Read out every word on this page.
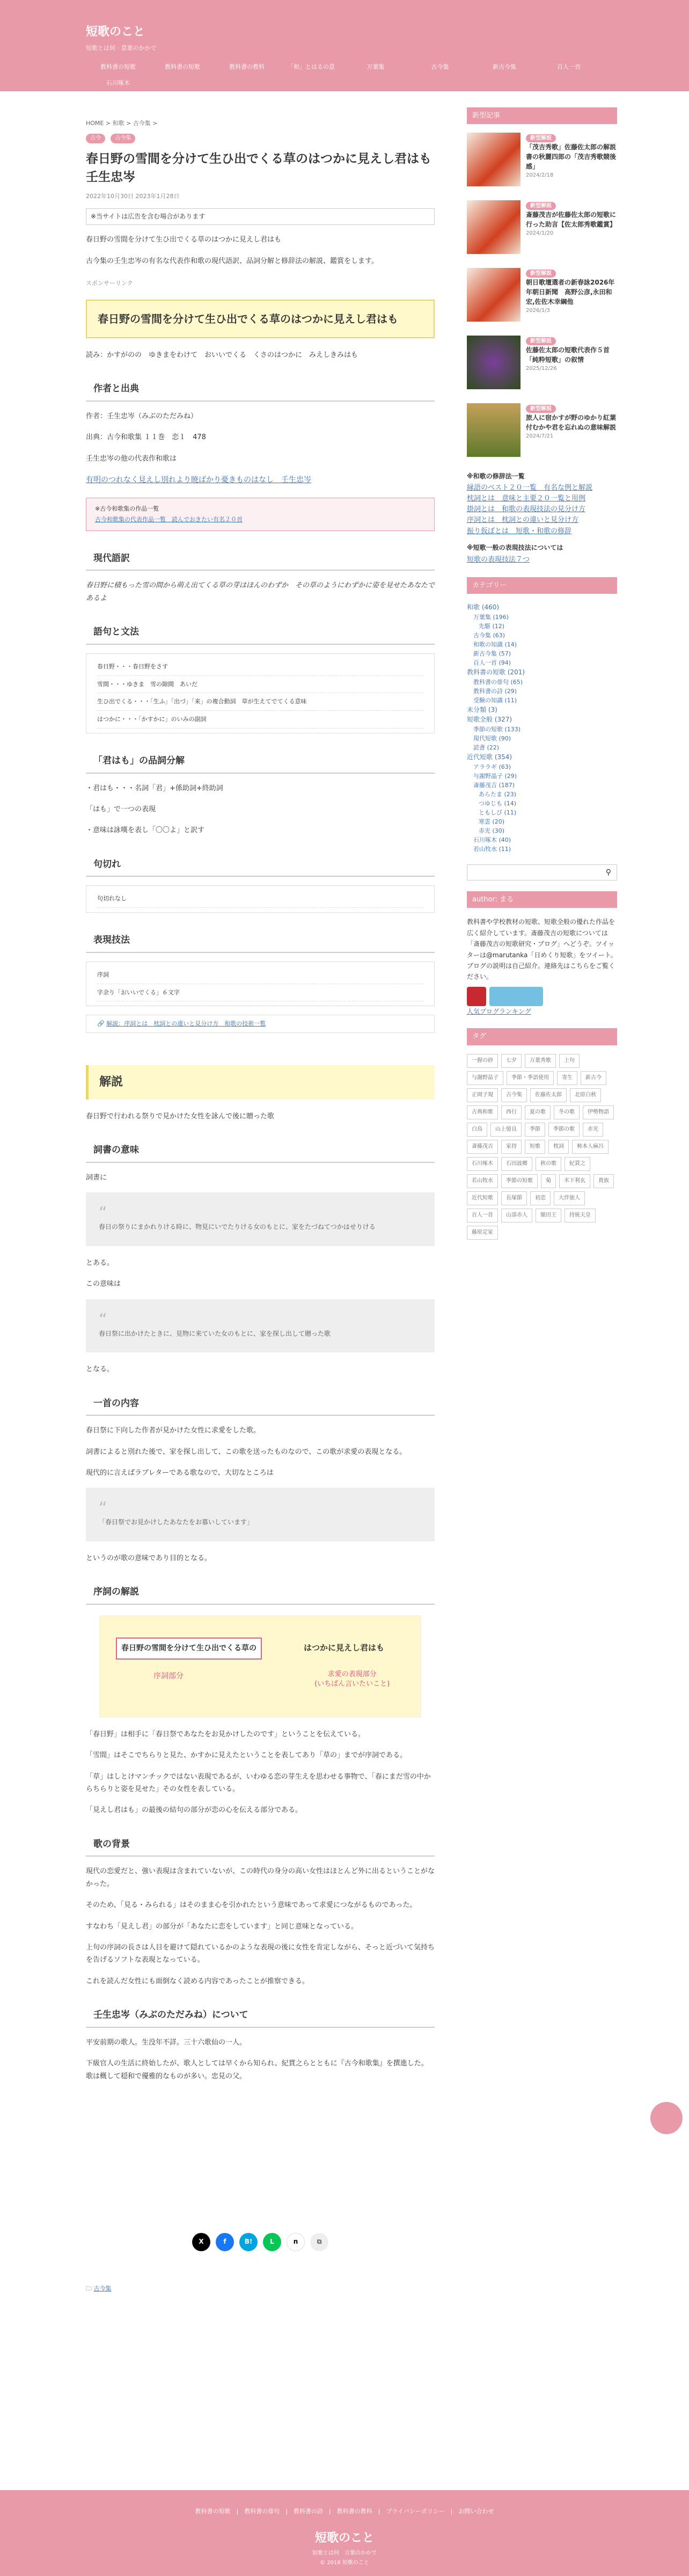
短歌のこと
短歌とは何 · 意葉のかかで
教科書の短歌	教科書の短歌	教科書の教科	「和」とはるの意	万葉集	古今集	新古今集	百人一首
石川啄木
HOME > 和歌 > 古今集 >
古今	古今集
春日野の雪間を分けて生ひ出でくる草のはつかに見えし君はも 壬生忠岑
2022年10月30日 2023年1月28日
※当サイトは広告を含む場合があります

春日野の雪間を分けて生ひ出でくる草のはつかに見えし君はも

古今集の壬生忠岑の有名な代表作和歌の現代語訳、品詞分解と修辞法の解説、鑑賞をします。

スポンサーリンク
春日野の雪間を分けて生ひ出でくる草のはつかに見えし君はも

読み：かすがのの　ゆきまをわけて　おいいでくる　くさのはつかに　みえしきみはも

作者と出典

作者：壬生忠岑（みぶのただみね）

出典：古今和歌集 １１巻　恋１　478

壬生忠岑の他の代表作和歌は

有明のつれなく見えし別れより暁ばかり憂きものはなし　壬生忠岑
※古今和歌集の作品一覧
古今和歌集の代表作品一覧　読んでおきたい有名２０首
現代語訳

春日野に積もった雪の間から萌え出てくる草の芽はほんのわずか　その草のようにわずかに姿を見せたあなたであるよ

語句と文法
春日野・・・春日野をさす
雪間・・・ゆきま　雪の隙間　あいだ
生ひ出でくる・・・「生ふ」「出づ」「来」の複合動詞　草が生えてでてくる意味
はつかに・・・「かすかに」のいみの副詞
「君はも」の品詞分解

・君はも・・・名詞「君」+係助詞+終助詞

「はも」で一つの表現

・意味は詠嘆を表し「〇〇よ」と訳す

句切れ
句切れなし
表現技法
序詞
字余り「おいいでくる」６文字
🔗 解説：序詞とは　枕詞との違いと見分け方　和歌の技術一覧
解説

春日野で行われる祭りで見かけた女性を詠んで後に贈った歌

詞書の意味

詞書に

“
春日の祭りにまかれりける時に、物見にいでたりける女のもとに、家をたづねてつかはせりける

とある。

この意味は

“
春日祭に出かけたときに、見物に来ていた女のもとに、家を探し出して贈った歌

となる。

一首の内容

春日祭に下向した作者が見かけた女性に求愛をした歌。

詞書によると別れた後で、家を探し出して、この歌を送ったものなので、この歌が求愛の表現となる。

現代的に言えばラブレターである歌なので、大切なところは

“
「春日祭でお見かけしたあなたをお慕いしています」

というのが歌の意味であり目的となる。

序詞の解説
春日野の雪間を分けて生ひ出でくる草の	はつかに見えし君はも
序詞部分	求愛の表現部分
(いちばん言いたいこと)

「春日野」は相手に「春日祭であなたをお見かけしたのです」ということを伝えている。

「雪間」はそこでちらりと見た、かすかに見えたということを表してあり「草の」までが序詞である。

「草」はしとけマンチックではない表現であるが、いわゆる恋の芽生えを思わせる事物で、「春にまだ雪の中からちらりと姿を見せた」その女性を表している。

「見えし君はも」の最後の結句の部分が恋の心を伝える部分である。

歌の背景

現代の恋愛だと、強い表現は含まれていないが、この時代の身分の高い女性はほとんど外に出るということがなかった。

そのため、「見る・みられる」はそのまま心を引かれたという意味であって求愛につながるものであった。

すなわち「見えし君」の部分が「あなたに恋をしています」と同じ意味となっている。

上句の序詞の長さは人目を避けて隠れているかのような表現の後に女性を肯定しながら、そっと近づいて気持ちを告げるソフトな表現となっている。

これを読んだ女性にも面倒なく読める内容であったことが推察できる。

壬生忠岑（みぶのただみね）について

平安前期の歌人。生没年不詳。三十六歌仙の一人。

下級官人の生活に終始したが、歌人としては早くから知られ、紀貫之らとともに『古今和歌集』を撰進した。歌は概して穏和で優雅的なものが多い。忠見の父。

X	f	B!	L	n	⧉
🗀 古今集
新型記事
新型解説
「茂吉秀歌」佐藤佐太郎の解説書の秋麗四郎の「茂吉秀歌競後感」
2024/2/18
新型解説
斎藤茂吉が佐藤佐太郎の短歌に行った助言【佐太郎秀歌鑑賞】
2024/1/20
新型解説
朝日歌壇選者の新春詠2026年年朝日新聞　高野公彦,永田和宏,佐佐木幸綱他
2026/1/3
新型解説
佐藤佐太郎の短歌代表作５首「純粋短歌」の叙情
2025/12/26
新型解説
旅人に宿かすが野のゆかり紅葉付むかや君を忘れぬの意味解説
2024/7/21
※和歌の修辞法一覧
縁語のベスト２０一覧　有名な例と解説
枕詞とは　意味と主要２０一覧と用例
掛詞とは　和歌の表現技法の見分け方
序詞とは　枕詞との違いと見分け方
振り仮ぼとは　短歌・和歌の修辞
※短歌一般の表現技法については
短歌の表現技法７つ
カテゴリー
和歌 (460)
万葉集 (196)
先駆 (12)
古今集 (63)
和歌の知識 (14)
新古今集 (57)
百人一首 (94)
教科書の短歌 (201)
教科書の俳句 (65)
教科書の詩 (29)
受験の知識 (11)
未分類 (3)
短歌全般 (327)
季節の短歌 (133)
現代短歌 (90)
読書 (22)
近代短歌 (354)
アララギ (63)
与謝野晶子 (29)
斎藤茂吉 (187)
あらたま (23)
つゆじも (14)
ともしび (11)
寒雲 (20)
赤光 (30)
石川啄木 (40)
若山牧水 (11)
⚲
author: まる

教科書や学校教材の短歌、短歌全般の優れた作品を広く紹介しています。斎藤茂吉の短歌については「斎藤茂吉の短歌研究・ブログ」へどうぞ。ツイッターは@marutanka「日めくり短歌」をツイート。ブログの説明は自己紹介。連絡先はこちらをご覧ください。

人気ブログランキング
タグ
一握の砂	七夕	万葉秀歌	上句
与謝野晶子	季節・季語使用	寄生	新古今
正岡子規	古今集	佐藤佐太郎	北原白秋
古典和歌	西行	夏の歌	冬の歌	伊勢物語
白鳥	山上憶良	季節	季節の歌	赤光
斎藤茂吉	家持	短歌	枕詞	柿本人麻呂
石川啄木	石田波郷	秋の歌	紀貫之
若山牧水	季節の短歌	菊	木下利玄	貴族
近代短歌	長塚節	初恋	大伴旅人
百人一首	山部赤人	額田王	持統天皇
藤原定家
教科書の短歌　|　教科書の俳句　|　教科書の詩　|　教科書の教科　|　プライバシーポリシー　|　お問い合わせ
短歌のこと
短歌とは何　言葉のかかで
© 2018 短歌のこと
